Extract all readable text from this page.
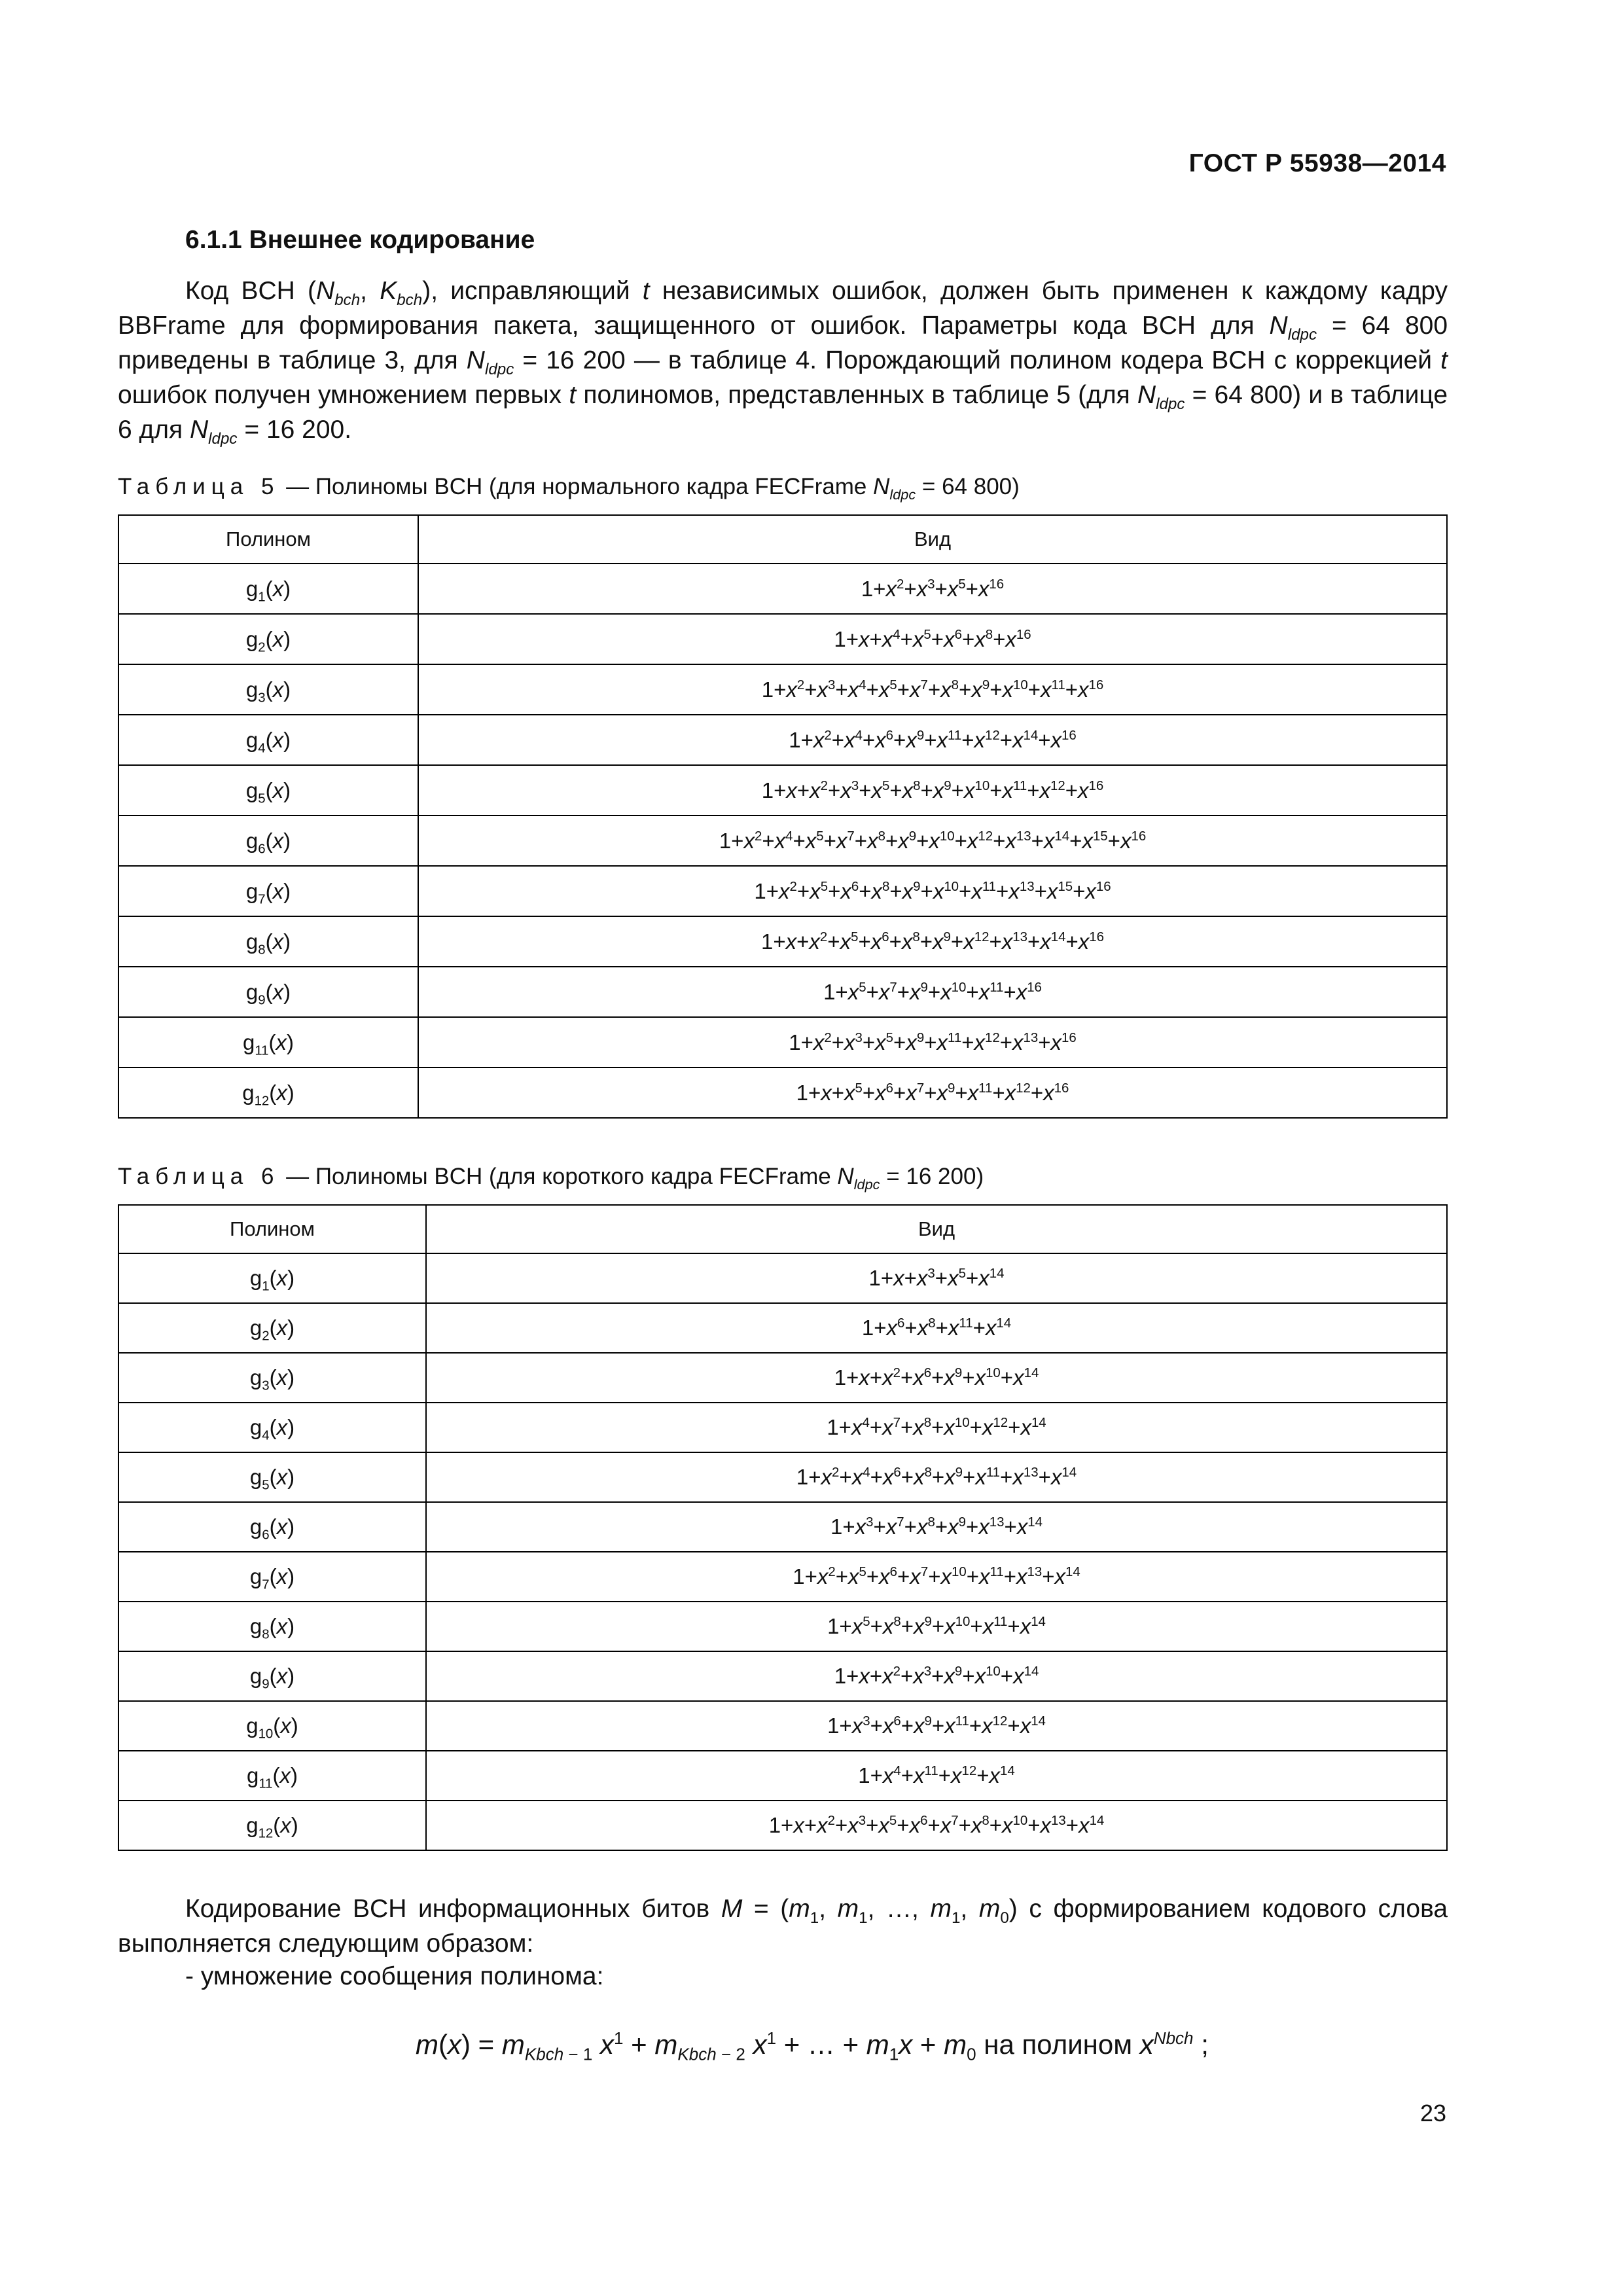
ГОСТ Р 55938—2014
6.1.1 Внешнее кодирование
Код BCH ($N_{bch}$, $K_{bch}$), исправляющий t независимых ошибок, должен быть применен к каждому кадру BBFrame для формирования пакета, защищенного от ошибок. Параметры кода BCH для $N_{ldpc} = 64$ 800 приведены в таблице 3, для $N_{ldpc} = 16$ 200 — в таблице 4. Порождающий полином кодера BCH с коррекцией t ошибок получен умножением первых t полиномов, представленных в таблице 5 (для $N_{ldpc} = 64$ 800) и в таблице 6 для $N_{ldpc} = 16$ 200.
Таблица 5 — Полиномы BCH (для нормального кадра FECFrame $N_{ldpc} = 64$ 800)
Полином	Вид
$g_1(x)$	$1+x^2+x^3+x^5+x^{16}$
$g_2(x)$	$1+x+x^4+x^5+x^6+x^8+x^{16}$
$g_3(x)$	$1+x^2+x^3+x^4+x^5+x^7+x^8+x^9+x^{10}+x^{11}+x^{16}$
$g_4(x)$	$1+x^2+x^4+x^6+x^9+x^{11}+x^{12}+x^{14}+x^{16}$
$g_5(x)$	$1+x+x^2+x^3+x^5+x^8+x^9+x^{10}+x^{11}+x^{12}+x^{16}$
$g_6(x)$	$1+x^2+x^4+x^5+x^7+x^8+x^9+x^{10}+x^{12}+x^{13}+x^{14}+x^{15}+x^{16}$
$g_7(x)$	$1+x^2+x^5+x^6+x^8+x^9+x^{10}+x^{11}+x^{13}+x^{15}+x^{16}$
$g_8(x)$	$1+x+x^2+x^5+x^6+x^8+x^9+x^{12}+x^{13}+x^{14}+x^{16}$
$g_9(x)$	$1+x^5+x^7+x^9+x^{10}+x^{11}+x^{16}$
$g_{11}(x)$	$1+x^2+x^3+x^5+x^9+x^{11}+x^{12}+x^{13}+x^{16}$
$g_{12}(x)$	$1+x+x^5+x^6+x^7+x^9+x^{11}+x^{12}+x^{16}$
Таблица 6 — Полиномы BCH (для короткого кадра FECFrame $N_{ldpc} = 16$ 200)
Полином	Вид
$g_1(x)$	$1+x+x^3+x^5+x^{14}$
$g_2(x)$	$1+x^6+x^8+x^{11}+x^{14}$
$g_3(x)$	$1+x+x^2+x^6+x^9+x^{10}+x^{14}$
$g_4(x)$	$1+x^4+x^7+x^8+x^{10}+x^{12}+x^{14}$
$g_5(x)$	$1+x^2+x^4+x^6+x^8+x^9+x^{11}+x^{13}+x^{14}$
$g_6(x)$	$1+x^3+x^7+x^8+x^9+x^{13}+x^{14}$
$g_7(x)$	$1+x^2+x^5+x^6+x^7+x^{10}+x^{11}+x^{13}+x^{14}$
$g_8(x)$	$1+x^5+x^8+x^9+x^{10}+x^{11}+x^{14}$
$g_9(x)$	$1+x+x^2+x^3+x^9+x^{10}+x^{14}$
$g_{10}(x)$	$1+x^3+x^6+x^9+x^{11}+x^{12}+x^{14}$
$g_{11}(x)$	$1+x^4+x^{11}+x^{12}+x^{14}$
$g_{12}(x)$	$1+x+x^2+x^3+x^5+x^6+x^7+x^8+x^{10}+x^{13}+x^{14}$
Кодирование BCH информационных битов $M = (m_1$, $m_1$, …, $m_1$, $m_0$) с формированием кодового слова выполняется следующим образом:
- умножение сообщения полинома:
$m(x) = m_{Kbch - 1}$ $x^1 + m_{Kbch - 2}$ $x^1$ + … + $m_1x + m_0$ на полином $x^{Nbch}$ ;
23
